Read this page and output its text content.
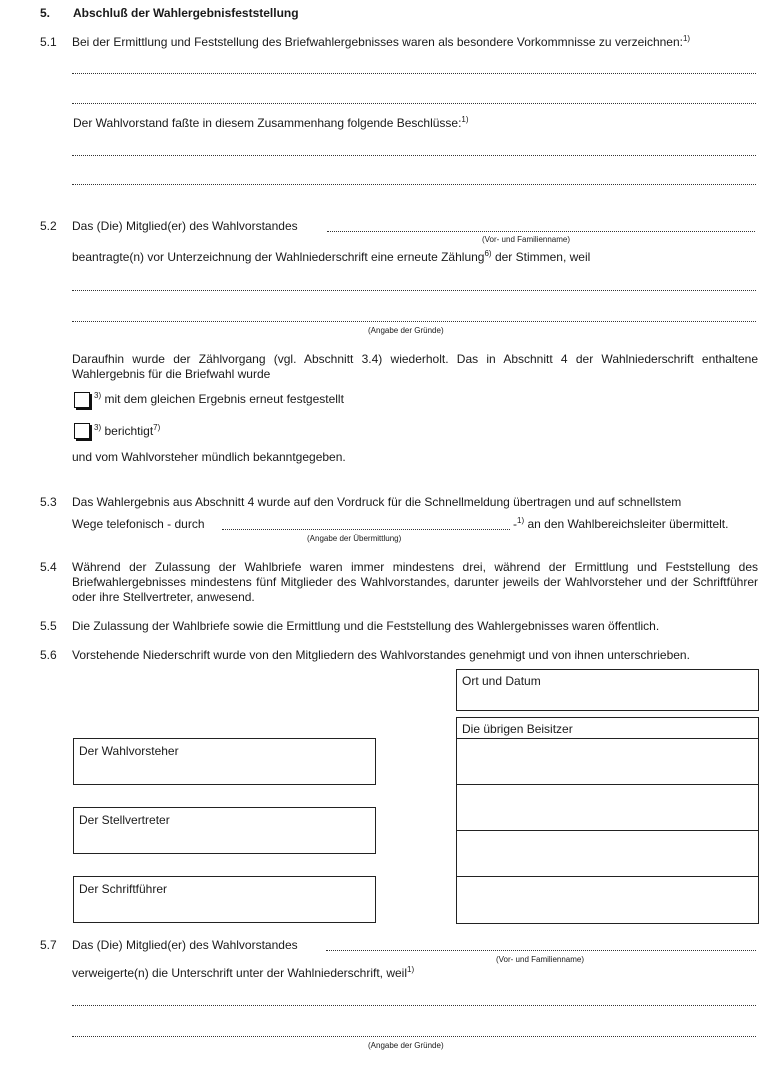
5. Abschluß der Wahlergebnisfeststellung
5.1 Bei der Ermittlung und Feststellung des Briefwahlergebnisses waren als besondere Vorkommnisse zu verzeichnen:$^{1)}$
Der Wahlvorstand faßte in diesem Zusammenhang folgende Beschlüsse:$^{1)}$
5.2 Das (Die) Mitglied(er) des Wahlvorstandes
(Vor- und Familienname)
beantragte(n) vor Unterzeichnung der Wahlniederschrift eine erneute Zählung$^{6)}$ der Stimmen, weil
(Angabe der Gründe)
Daraufhin wurde der Zählvorgang (vgl. Abschnitt 3.4) wiederholt. Das in Abschnitt 4 der Wahlniederschrift enthaltene Wahlergebnis für die Briefwahl wurde
$^{3)}$ mit dem gleichen Ergebnis erneut festgestellt
$^{3)}$ berichtigt$^{7)}$
und vom Wahlvorsteher mündlich bekanntgegeben.
5.3 Das Wahlergebnis aus Abschnitt 4 wurde auf den Vordruck für die Schnellmeldung übertragen und auf schnellstem
Wege telefonisch - durch	-$^{1)}$ an den Wahlbereichsleiter übermittelt.
(Angabe der Übermittlung)
5.4 Während der Zulassung der Wahlbriefe waren immer mindestens drei, während der Ermittlung und Feststellung des Briefwahlergebnisses mindestens fünf Mitglieder des Wahlvorstandes, darunter jeweils der Wahlvorsteher und der Schriftführer oder ihre Stellvertreter, anwesend.
5.5 Die Zulassung der Wahlbriefe sowie die Ermittlung und die Feststellung des Wahlergebnisses waren öffentlich.
5.6 Vorstehende Niederschrift wurde von den Mitgliedern des Wahlvorstandes genehmigt und von ihnen unterschrieben.
Ort und Datum
Die übrigen Beisitzer
Der Wahlvorsteher
Der Stellvertreter
Der Schriftführer
5.7 Das (Die) Mitglied(er) des Wahlvorstandes
(Vor- und Familienname)
verweigerte(n) die Unterschrift unter der Wahlniederschrift, weil$^{1)}$
(Angabe der Gründe)
